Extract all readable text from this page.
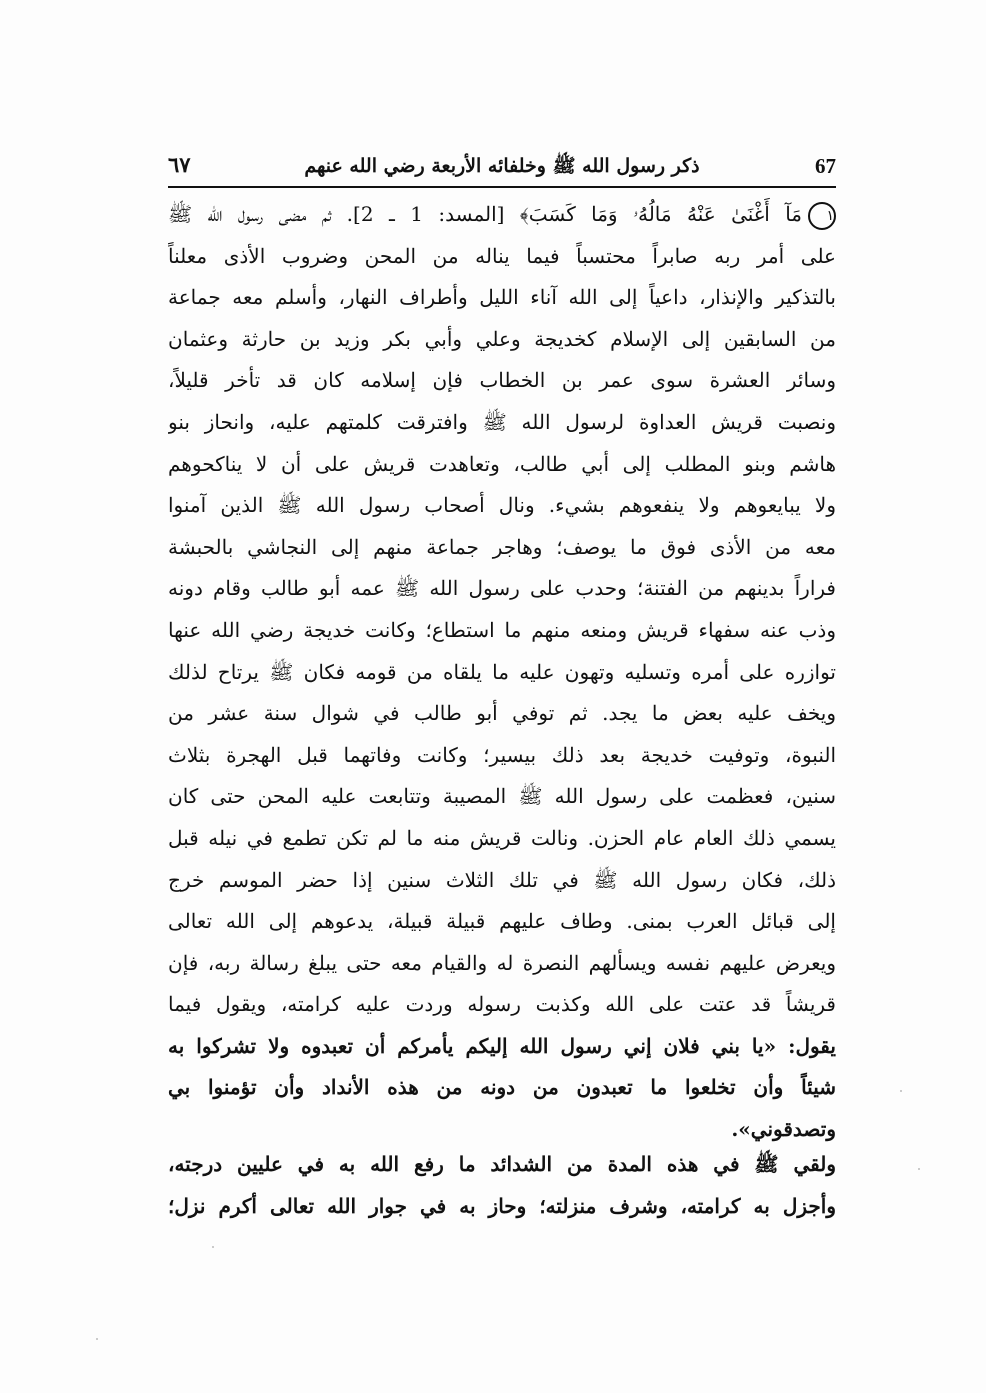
67
ذكر رسول الله ﷺ وخلفائه الأربعة رضي الله عنهم
٦٧
١مَآ أَغْنَىٰ عَنْهُ مَالُهُۥ وَمَا كَسَبَ﴾ [المسد: 1 ـ 2]. ثم مضى رسول الله ﷺ
على أمر ربه صابراً محتسباً فيما يناله من المحن وضروب الأذى معلناً
بالتذكير والإنذار، داعياً إلى الله آناء الليل وأطراف النهار، وأسلم معه جماعة
من السابقين إلى الإسلام كخديجة وعلي وأبي بكر وزيد بن حارثة وعثمان
وسائر العشرة سوى عمر بن الخطاب فإن إسلامه كان قد تأخر قليلاً،
ونصبت قريش العداوة لرسول الله ﷺ وافترقت كلمتهم عليه، وانحاز بنو
هاشم وبنو المطلب إلى أبي طالب، وتعاهدت قريش على أن لا يناكحوهم
ولا يبايعوهم ولا ينفعوهم بشيء. ونال أصحاب رسول الله ﷺ الذين آمنوا
معه من الأذى فوق ما يوصف؛ وهاجر جماعة منهم إلى النجاشي بالحبشة
فراراً بدينهم من الفتنة؛ وحدب على رسول الله ﷺ عمه أبو طالب وقام دونه
وذب عنه سفهاء قريش ومنعه منهم ما استطاع؛ وكانت خديجة رضي الله عنها
توازره على أمره وتسليه وتهون عليه ما يلقاه من قومه فكان ﷺ يرتاح لذلك
ويخف عليه بعض ما يجد. ثم توفي أبو طالب في شوال سنة عشر من
النبوة، وتوفيت خديجة بعد ذلك بيسير؛ وكانت وفاتهما قبل الهجرة بثلاث
سنين، فعظمت على رسول الله ﷺ المصيبة وتتابعت عليه المحن حتى كان
يسمي ذلك العام عام الحزن. ونالت قريش منه ما لم تكن تطمع في نيله قبل
ذلك، فكان رسول الله ﷺ في تلك الثلاث سنين إذا حضر الموسم خرج
إلى قبائل العرب بمنى. وطاف عليهم قبيلة قبيلة، يدعوهم إلى الله تعالى
ويعرض عليهم نفسه ويسألهم النصرة له والقيام معه حتى يبلغ رسالة ربه، فإن
قريشاً قد عتت على الله وكذبت رسوله وردت عليه كرامته، ويقول فيما
يقول: «يا بني فلان إني رسول الله إليكم يأمركم أن تعبدوه ولا تشركوا به
شيئاً وأن تخلعوا ما تعبدون من دونه من هذه الأنداد وأن تؤمنوا بي
وتصدقوني».
ولقي ﷺ في هذه المدة من الشدائد ما رفع الله به في عليين درجته،
وأجزل به كرامته، وشرف منزلته؛ وحاز به في جوار الله تعالى أكرم نزل؛
